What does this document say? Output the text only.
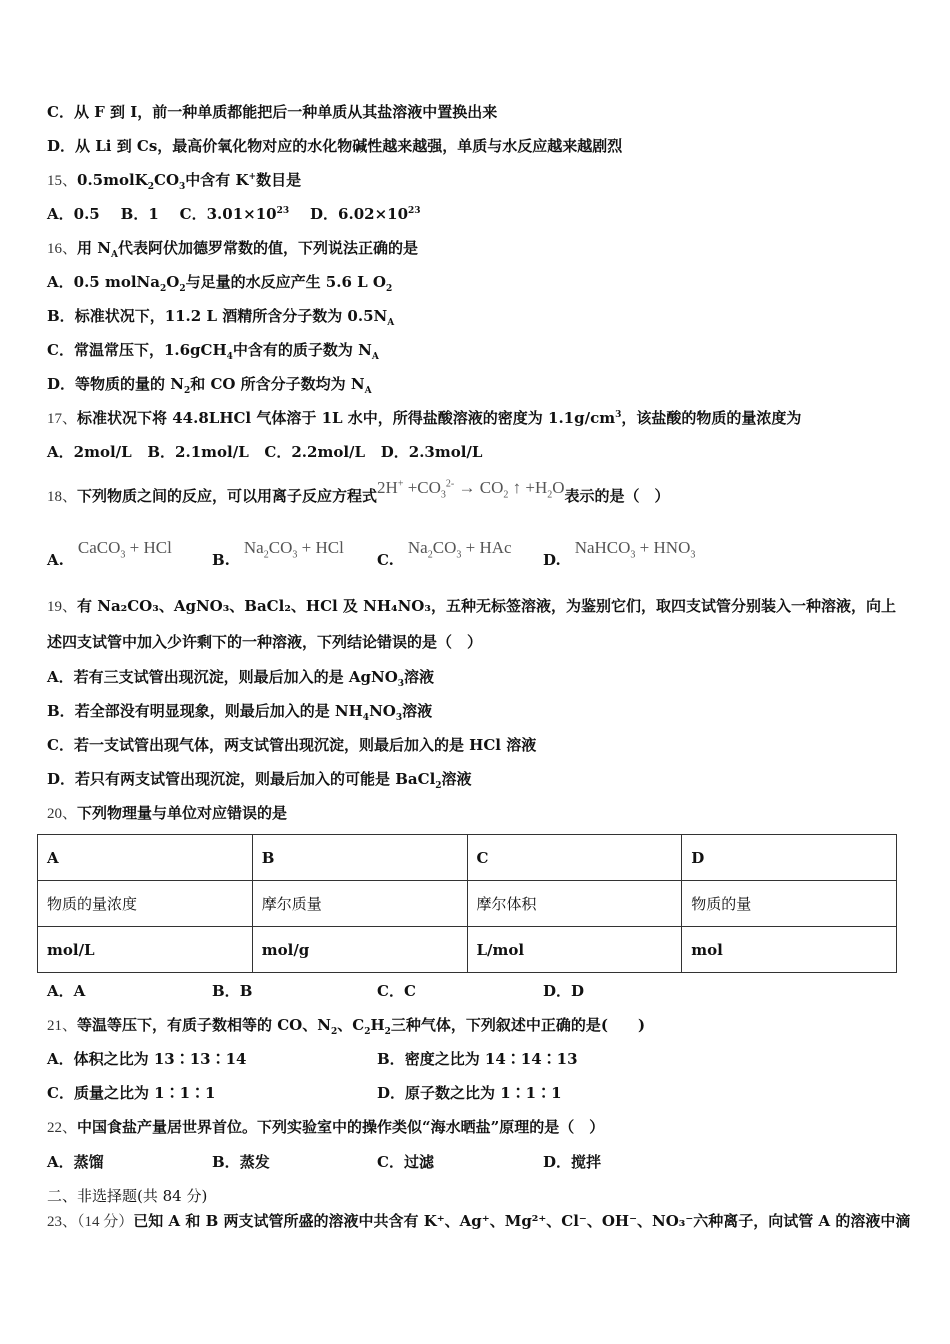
C．从 F 到 I，前一种单质都能把后一种单质从其盐溶液中置换出来
D．从 Li 到 Cs，最高价氧化物对应的水化物碱性越来越强，单质与水反应越来越剧烈
15、$0.5molK_2CO_3$中含有 K+数目是
A．0.5 B．1 C．$3.01\times 10^{23}$ D．$6.02\times 10^{23}$
16、用 $N_A$代表阿伏加德罗常数的值，下列说法正确的是
A．0.5 $molNa_2O_2$与足量的水反应产生 5.6 L $O_2$
B．标准状况下，11.2 L 酒精所含分子数为 $0.5N_A$
C．常温常压下，1.6gCH$_4$中含有的质子数为 $N_A$
D．等物质的量的 $N_2$和 CO 所含分子数均为 $N_A$
17、标准状况下将 44.8LHCl 气体溶于 1L 水中，所得盐酸溶液的密度为 $1.1g/cm^3$，该盐酸的物质的量浓度为
A．2mol/L B．2.1mol/L C．2.2mol/L D．2.3mol/L
18、下列物质之间的反应，可以用离子反应方程式$2H^+ +CO_3^{2-} \to CO_2$ ↑ $+H_2O$表示的是（　）
A.CaCO$_3$ + HCl
$B.Na_2CO_3$ + HCl
$C.Na_2CO_3$ + HAc
D.NaHCO$_3$ + $HNO_3$
19、有 Na₂CO₃、AgNO₃、BaCl₂、HCl 及 NH₄NO₃，五种无标签溶液，为鉴别它们，取四支试管分别装入一种溶液，向上
述四支试管中加入少许剩下的一种溶液，下列结论错误的是（　）
A．若有三支试管出现沉淀，则最后加入的是 AgNO$_3$溶液
B．若全部没有明显现象，则最后加入的是 $NH_4NO_3$溶液
C．若一支试管出现气体，两支试管出现沉淀，则最后加入的是 HCl 溶液
D．若只有两支试管出现沉淀，则最后加入的可能是 BaCl$_2$溶液
20、下列物理量与单位对应错误的是
A	B	C	D
物质的量浓度	摩尔质量	摩尔体积	物质的量
mol/L	mol/g	L/mol	mol
A．A	B．B	C．C	D．D
21、等温等压下，有质子数相等的 CO、$N_2$、$C_2H_2$三种气体，下列叙述中正确的是(　　)
A．体积之比为 13∶13∶14	B．密度之比为 14∶14∶13
C．质量之比为 1∶1∶1	D．原子数之比为 1∶1∶1
22、中国食盐产量居世界首位。下列实验室中的操作类似“海水晒盐”原理的是（　）
A．蒸馏	B．蒸发	C．过滤	D．搅拌
二、非选择题(共 84 分)
23、（14 分）已知 A 和 B 两支试管所盛的溶液中共含有 K⁺、Ag⁺、Mg²⁺、Cl⁻、OH⁻、NO₃⁻六种离子，向试管 A 的溶液中滴
